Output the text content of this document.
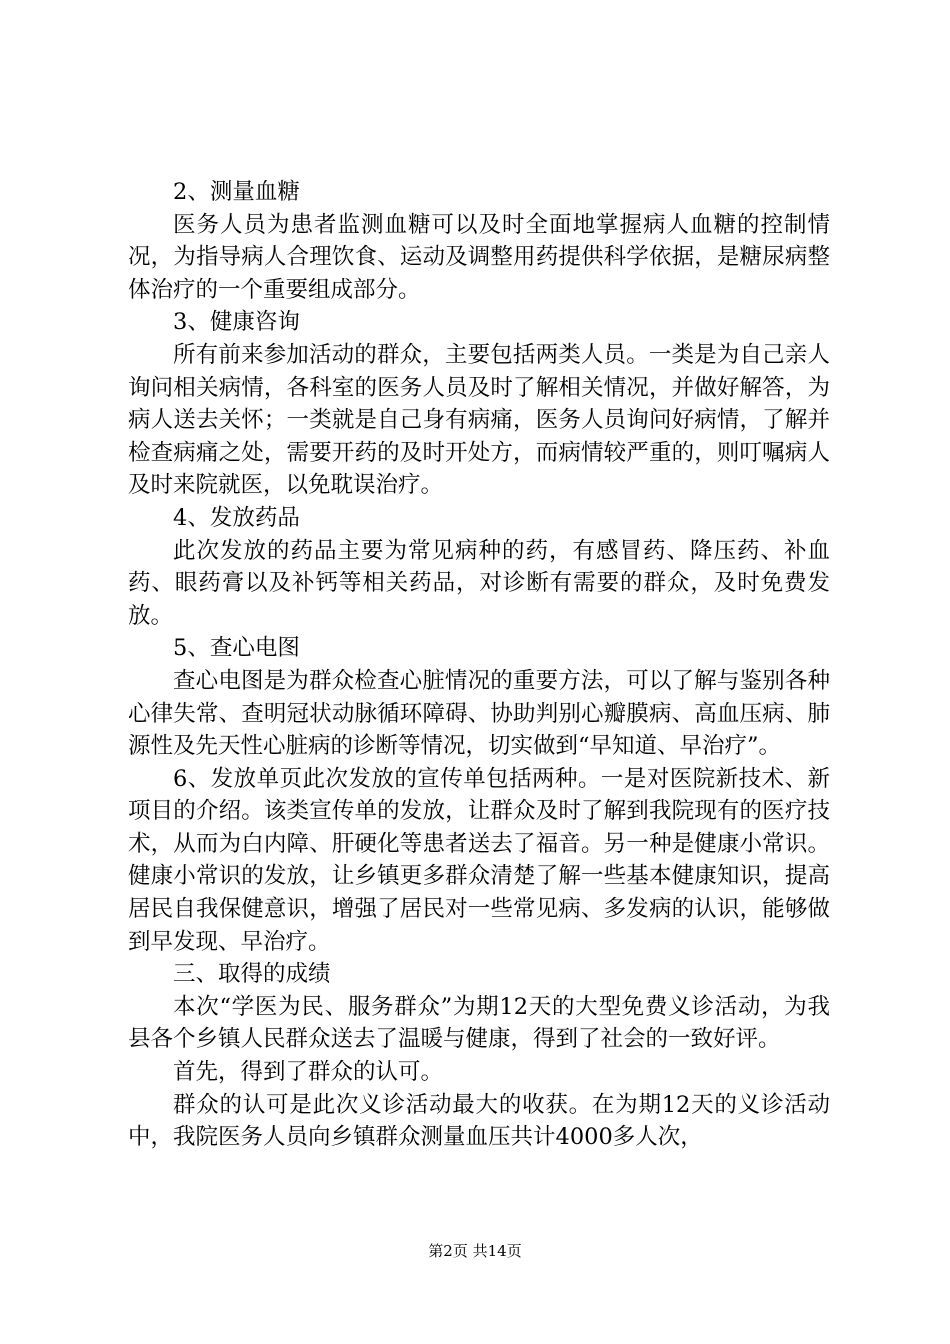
2、测量血糖

医务人员为患者监测血糖可以及时全面地掌握病人血糖的控制情况，为指导病人合理饮食、运动及调整用药提供科学依据，是糖尿病整体治疗的一个重要组成部分。

3、健康咨询

所有前来参加活动的群众，主要包括两类人员。一类是为自己亲人询问相关病情，各科室的医务人员及时了解相关情况，并做好解答，为病人送去关怀；一类就是自己身有病痛，医务人员询问好病情，了解并检查病痛之处，需要开药的及时开处方，而病情较严重的，则叮嘱病人及时来院就医，以免耽误治疗。

4、发放药品

此次发放的药品主要为常见病种的药，有感冒药、降压药、补血药、眼药膏以及补钙等相关药品，对诊断有需要的群众，及时免费发放。

5、查心电图

查心电图是为群众检查心脏情况的重要方法，可以了解与鉴别各种心律失常、查明冠状动脉循环障碍、协助判别心瓣膜病、高血压病、肺源性及先天性心脏病的诊断等情况，切实做到“早知道、早治疗”。

6、发放单页此次发放的宣传单包括两种。一是对医院新技术、新项目的介绍。该类宣传单的发放，让群众及时了解到我院现有的医疗技术，从而为白内障、肝硬化等患者送去了福音。另一种是健康小常识。健康小常识的发放，让乡镇更多群众清楚了解一些基本健康知识，提高居民自我保健意识，增强了居民对一些常见病、多发病的认识，能够做到早发现、早治疗。

三、取得的成绩

本次“学医为民、服务群众”为期12天的大型免费义诊活动，为我县各个乡镇人民群众送去了温暖与健康，得到了社会的一致好评。

首先，得到了群众的认可。

群众的认可是此次义诊活动最大的收获。在为期12天的义诊活动中，我院医务人员向乡镇群众测量血压共计4000多人次，

第2页 共14页
